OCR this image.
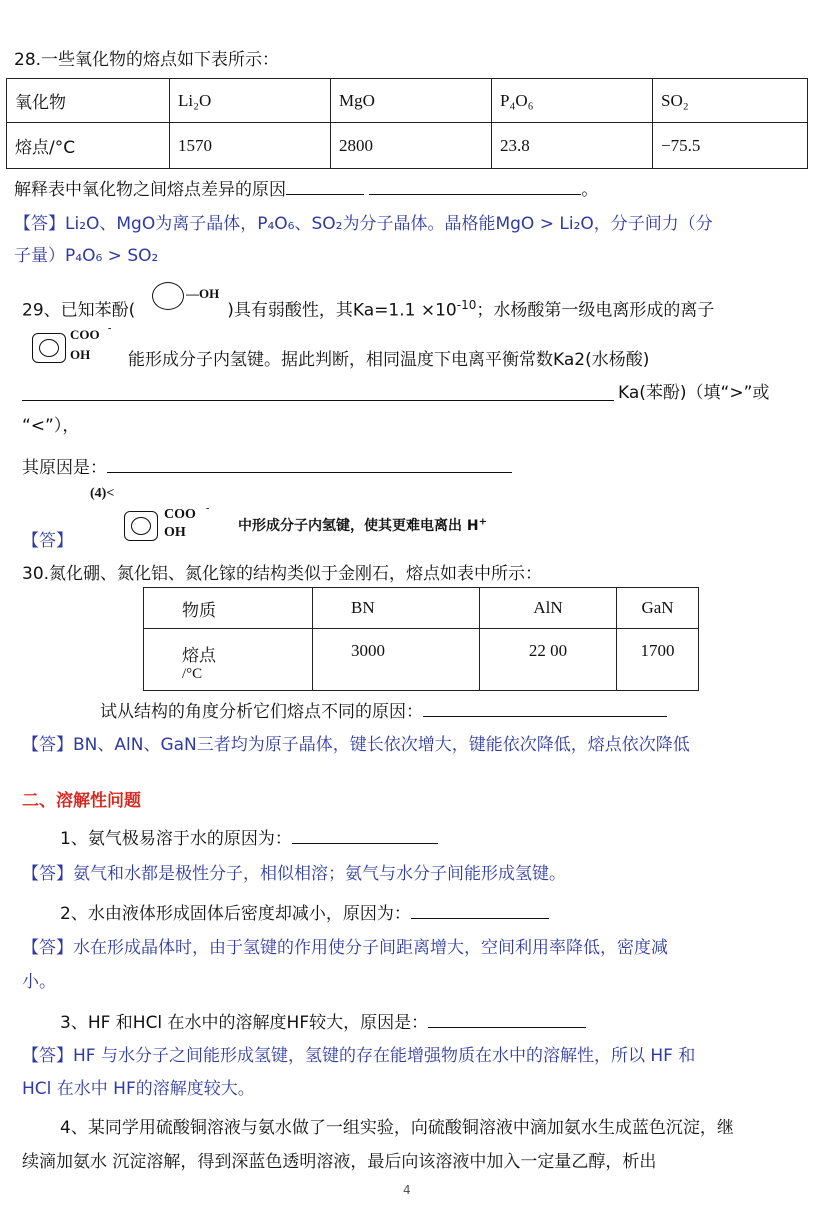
28.一些氧化物的熔点如下表所示：
氧化物	Li₂O	MgO	P₄O₆	SO₂
熔点/°C	1570	2800	23.8	−75.5
解释表中氧化物之间熔点差异的原因	。
【答】Li₂O、MgO为离子晶体，P₄O₆、SO₂为分子晶体。晶格能MgO > Li₂O，分子间力（分
子量）P₄O₆ > SO₂
29、已知苯酚(	)具有弱酸性，其$Ka=1.1 \times 10^{-10}$；水杨酸第一级电离形成的离子
—OH
COO -
OH 能形成分子内氢键。据此判断，相同温度下电离平衡常数Ka2(水杨酸)
Ka(苯酚)（填“>”或
“<”），
其原因是：
(4)<
【答】
COO -
OH	中形成分子内氢键，使其更难电离出 H+
30.氮化硼、氮化铝、氮化镓的结构类似于金刚石，熔点如表中所示：
物质	BN	AlN	GaN

熔点
/°C	3000	22 00	1700
试从结构的角度分析它们熔点不同的原因：
【答】BN、AlN、GaN三者均为原子晶体，键长依次增大，键能依次降低，熔点依次降低
二、溶解性问题
1、氨气极易溶于水的原因为：
【答】氨气和水都是极性分子，相似相溶；氨气与水分子间能形成氢键。
2、水由液体形成固体后密度却减小，原因为：
【答】水在形成晶体时，由于氢键的作用使分子间距离增大，空间利用率降低，密度减
小。
3、HF 和HCl 在水中的溶解度HF较大，原因是：
【答】HF 与水分子之间能形成氢键，氢键的存在能增强物质在水中的溶解性，所以 HF 和
HCl 在水中 HF的溶解度较大。
4、某同学用硫酸铜溶液与氨水做了一组实验，向硫酸铜溶液中滴加氨水生成蓝色沉淀，继
续滴加氨水 沉淀溶解，得到深蓝色透明溶液，最后向该溶液中加入一定量乙醇，析出
4
